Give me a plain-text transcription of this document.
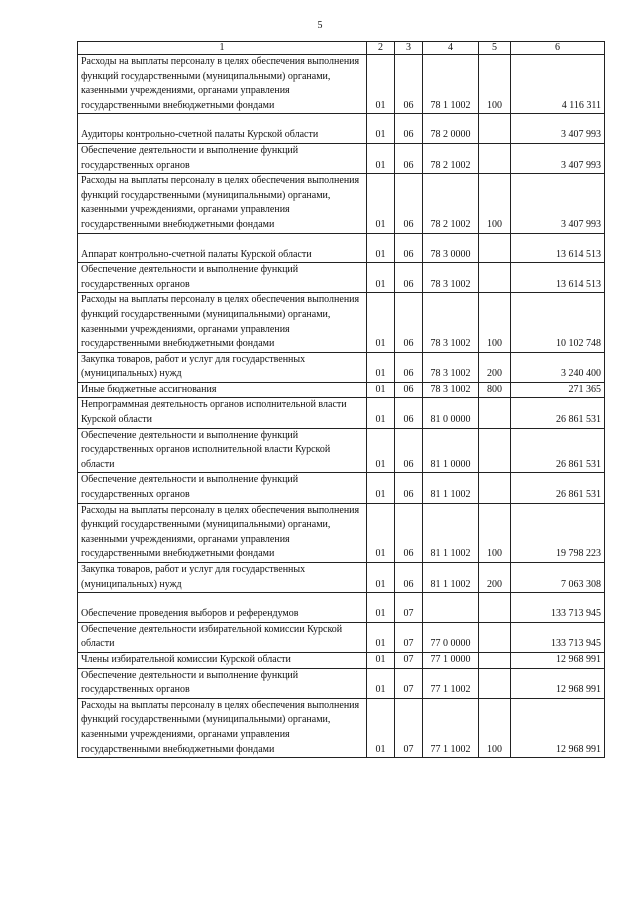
5
1	2	3	4	5	6
Расходы на выплаты персоналу в целях обеспечения выполнения функций государственными (муниципальными) органами, казенными учреждениями, органами управления государственными внебюджетными фондами	01	06	78 1 1002	100	4 116 311
Аудиторы контрольно-счетной палаты Курской области	01	06	78 2 0000		3 407 993
Обеспечение деятельности и выполнение функций государственных органов	01	06	78 2 1002		3 407 993
Расходы на выплаты персоналу в целях обеспечения выполнения функций государственными (муниципальными) органами, казенными учреждениями, органами управления государственными внебюджетными фондами	01	06	78 2 1002	100	3 407 993
Аппарат контрольно-счетной палаты Курской области	01	06	78 3 0000		13 614 513
Обеспечение деятельности и выполнение функций государственных органов	01	06	78 3 1002		13 614 513
Расходы на выплаты персоналу в целях обеспечения выполнения функций государственными (муниципальными) органами, казенными учреждениями, органами управления государственными внебюджетными фондами	01	06	78 3 1002	100	10 102 748
Закупка товаров, работ и услуг для государственных (муниципальных) нужд	01	06	78 3 1002	200	3 240 400
Иные бюджетные ассигнования	01	06	78 3 1002	800	271 365
Непрограммная деятельность органов исполнительной власти Курской области	01	06	81 0 0000		26 861 531
Обеспечение деятельности и выполнение функций государственных органов исполнительной власти Курской области	01	06	81 1 0000		26 861 531
Обеспечение деятельности и выполнение функций государственных органов	01	06	81 1 1002		26 861 531
Расходы на выплаты персоналу в целях обеспечения выполнения функций государственными (муниципальными) органами, казенными учреждениями, органами управления государственными внебюджетными фондами	01	06	81 1 1002	100	19 798 223
Закупка товаров, работ и услуг для государственных (муниципальных) нужд	01	06	81 1 1002	200	7 063 308
Обеспечение проведения выборов и референдумов	01	07			133 713 945
Обеспечение деятельности избирательной комиссии Курской области	01	07	77 0 0000		133 713 945
Члены избирательной комиссии Курской области	01	07	77 1 0000		12 968 991
Обеспечение деятельности и выполнение функций государственных органов	01	07	77 1 1002		12 968 991
Расходы на выплаты персоналу в целях обеспечения выполнения функций государственными (муниципальными) органами, казенными учреждениями, органами управления государственными внебюджетными фондами	01	07	77 1 1002	100	12 968 991
